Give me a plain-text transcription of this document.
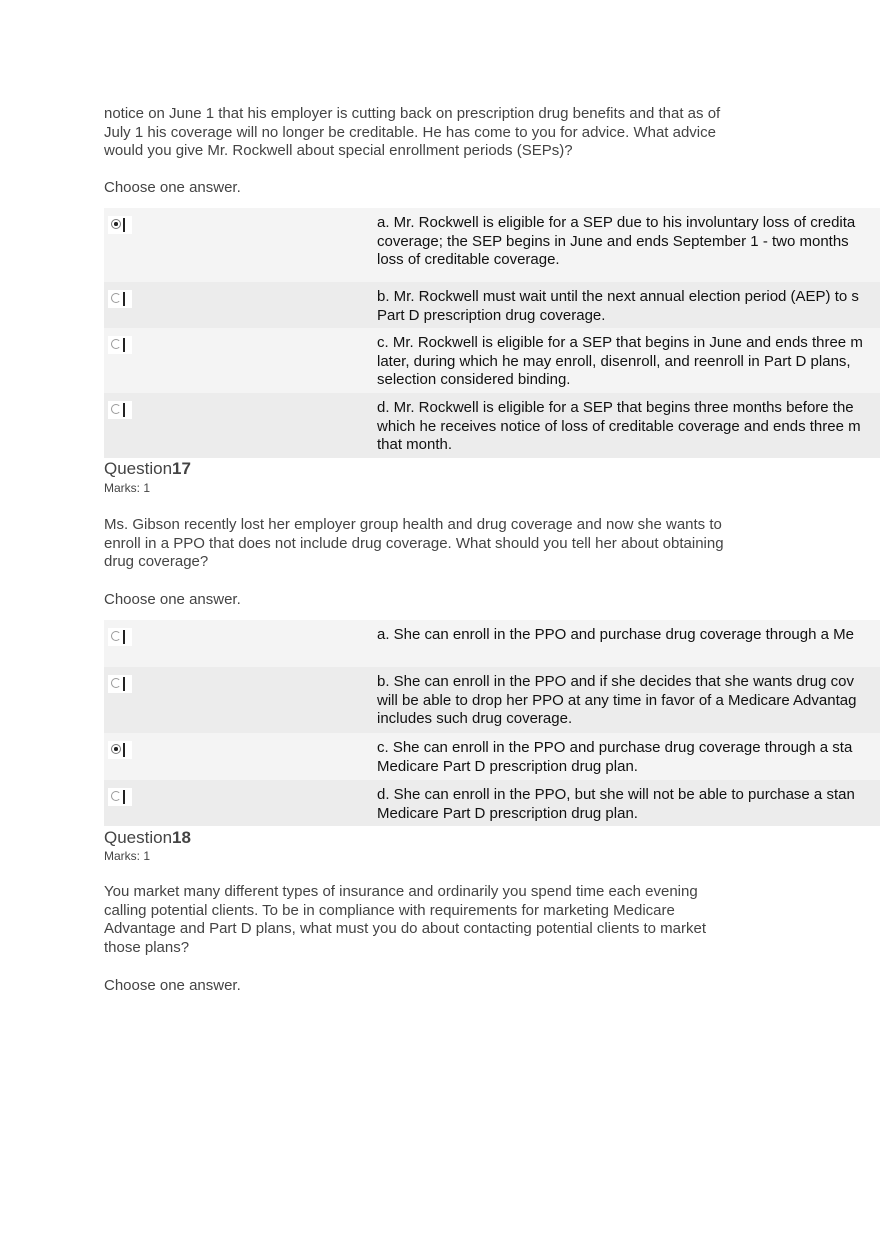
notice on June 1 that his employer is cutting back on prescription drug benefits and that as of
July 1 his coverage will no longer be creditable. He has come to you for advice. What advice
would you give Mr. Rockwell about special enrollment periods (SEPs)?
Choose one answer.
a. Mr. Rockwell is eligible for a SEP due to his involuntary loss of credita
coverage; the SEP begins in June and ends September 1 - two months
loss of creditable coverage.
b. Mr. Rockwell must wait until the next annual election period (AEP) to s
Part D prescription drug coverage.
c. Mr. Rockwell is eligible for a SEP that begins in June and ends three m
later, during which he may enroll, disenroll, and reenroll in Part D plans,
selection considered binding.
d. Mr. Rockwell is eligible for a SEP that begins three months before the
which he receives notice of loss of creditable coverage and ends three m
that month.
Question17
Marks: 1
Ms. Gibson recently lost her employer group health and drug coverage and now she wants to
enroll in a PPO that does not include drug coverage. What should you tell her about obtaining
drug coverage?
Choose one answer.
a. She can enroll in the PPO and purchase drug coverage through a Me
b. She can enroll in the PPO and if she decides that she wants drug cov
will be able to drop her PPO at any time in favor of a Medicare Advantag
includes such drug coverage.
c. She can enroll in the PPO and purchase drug coverage through a sta
Medicare Part D prescription drug plan.
d. She can enroll in the PPO, but she will not be able to purchase a stan
Medicare Part D prescription drug plan.
Question18
Marks: 1
You market many different types of insurance and ordinarily you spend time each evening
calling potential clients. To be in compliance with requirements for marketing Medicare
Advantage and Part D plans, what must you do about contacting potential clients to market
those plans?
Choose one answer.
